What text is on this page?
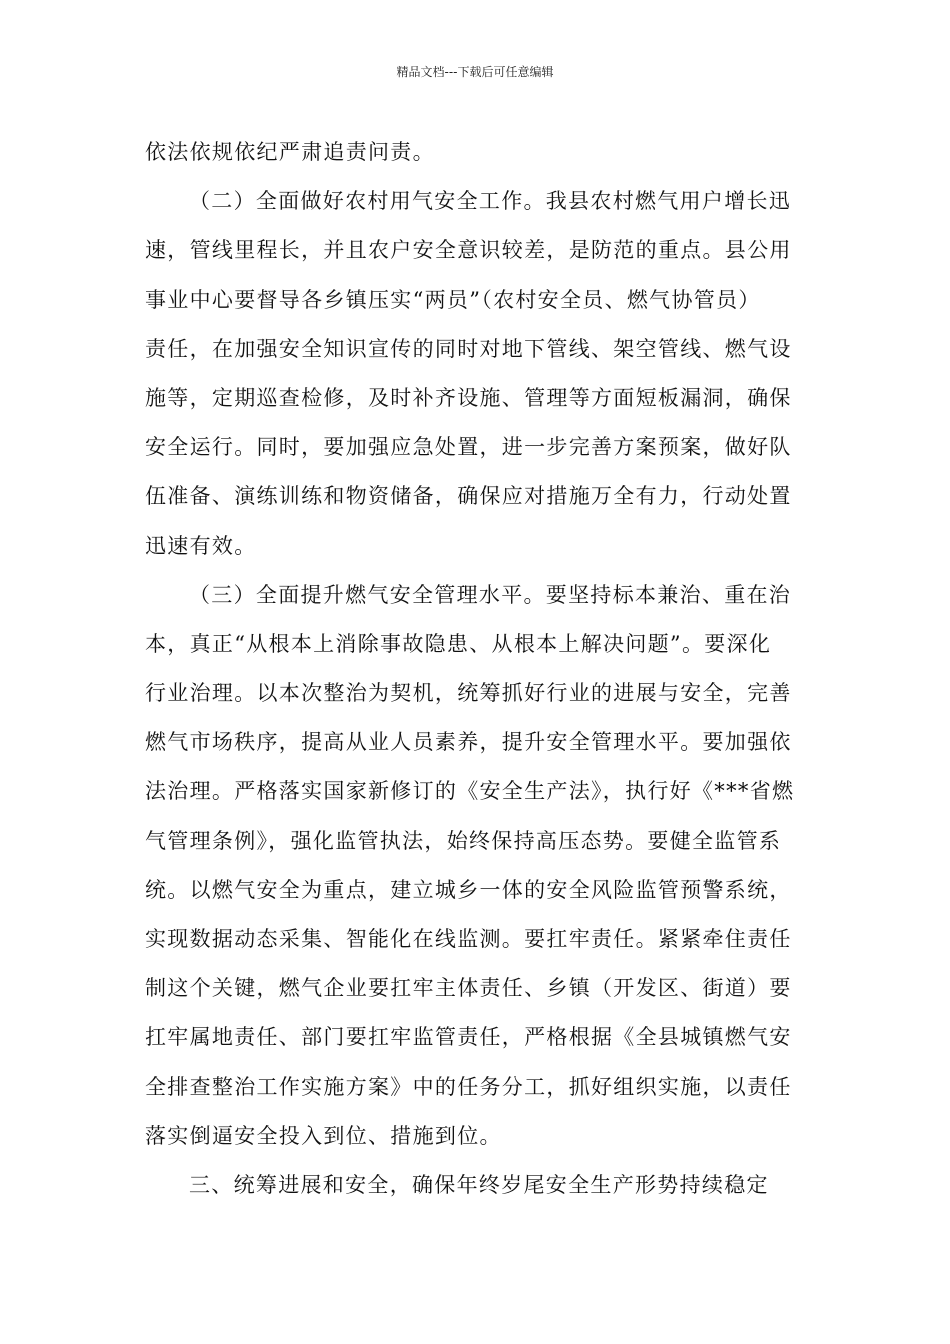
精品文档---下载后可任意编辑
依法依规依纪严肃追责问责。
（二）全面做好农村用气安全工作。我县农村燃气用户增长迅
速，管线里程长，并且农户安全意识较差，是防范的重点。县公用
事业中心要督导各乡镇压实“两员”（农村安全员、燃气协管员）
责任，在加强安全知识宣传的同时对地下管线、架空管线、燃气设
施等，定期巡查检修，及时补齐设施、管理等方面短板漏洞，确保
安全运行。同时，要加强应急处置，进一步完善方案预案，做好队
伍准备、演练训练和物资储备，确保应对措施万全有力，行动处置
迅速有效。
（三）全面提升燃气安全管理水平。要坚持标本兼治、重在治
本，真正“从根本上消除事故隐患、从根本上解决问题”。要深化
行业治理。以本次整治为契机，统筹抓好行业的进展与安全，完善
燃气市场秩序，提高从业人员素养，提升安全管理水平。要加强依
法治理。严格落实国家新修订的《安全生产法》，执行好《***省燃
气管理条例》，强化监管执法，始终保持高压态势。要健全监管系
统。以燃气安全为重点，建立城乡一体的安全风险监管预警系统，
实现数据动态采集、智能化在线监测。要扛牢责任。紧紧牵住责任
制这个关键，燃气企业要扛牢主体责任、乡镇（开发区、街道）要
扛牢属地责任、部门要扛牢监管责任，严格根据《全县城镇燃气安
全排查整治工作实施方案》中的任务分工，抓好组织实施，以责任
落实倒逼安全投入到位、措施到位。
三、统筹进展和安全，确保年终岁尾安全生产形势持续稳定
